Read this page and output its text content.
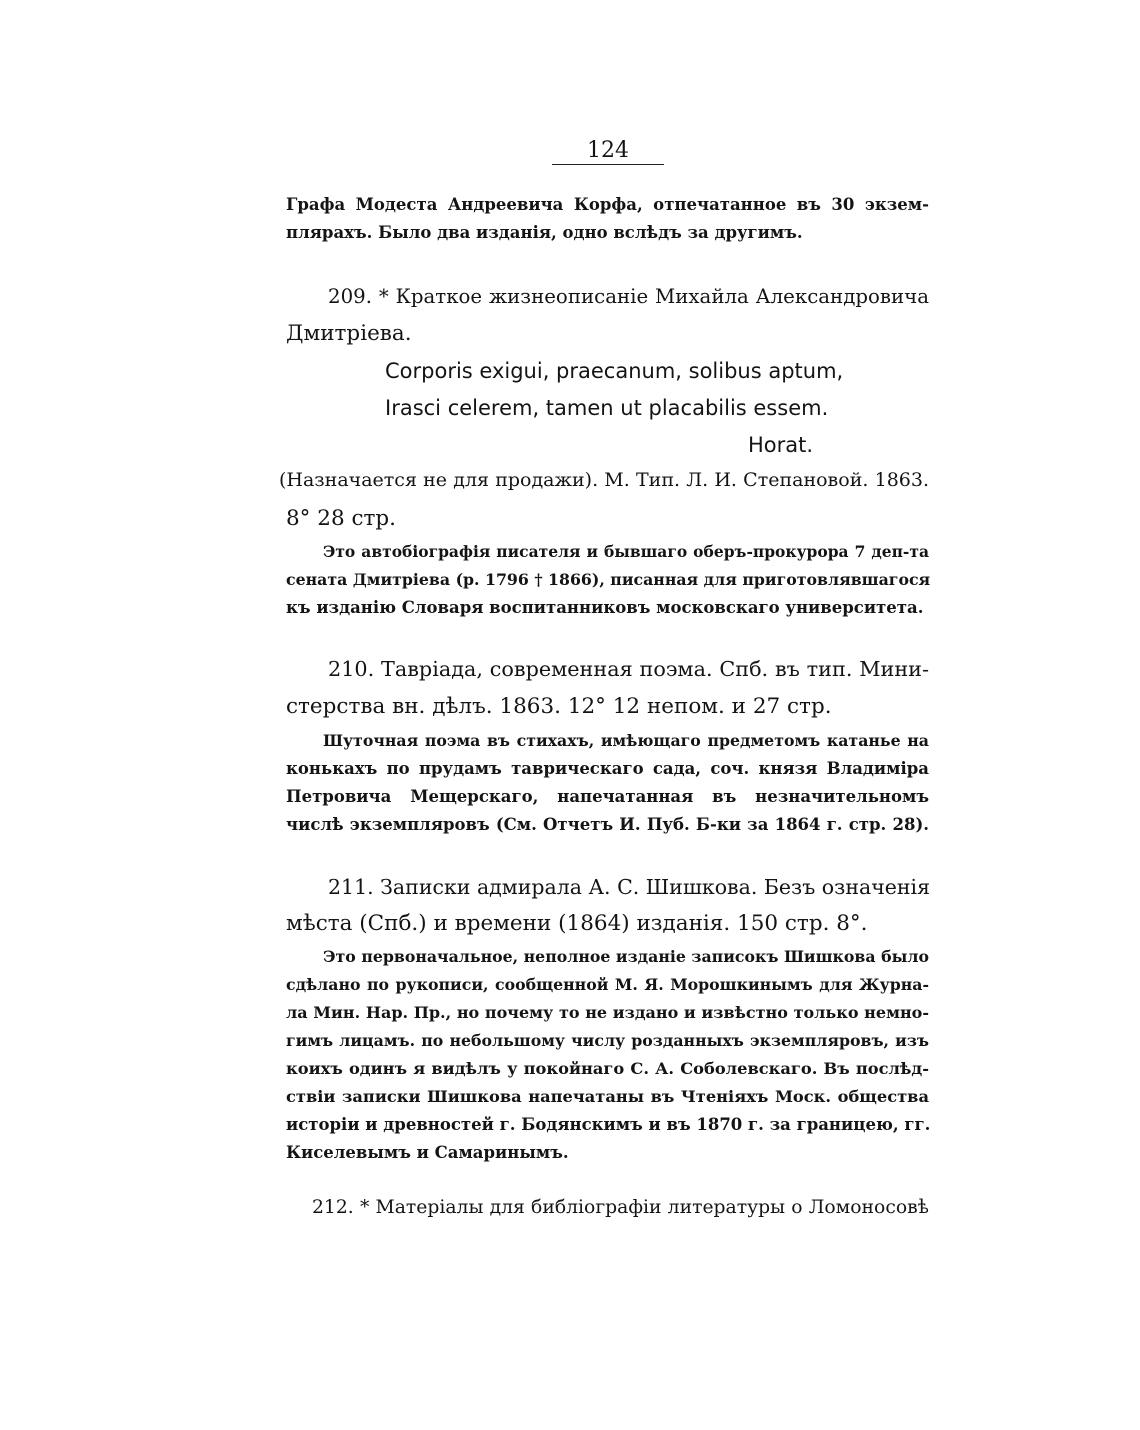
124
Графа Модеста Андреевича Корфа, отпечатанное въ 30 экзем-
плярахъ. Было два изданія, одно вслѣдъ за другимъ.
209. * Краткое жизнеописаніе Михайла Александровича
Дмитріева.
Corporis exigui, praecanum, solibus aptum,
Irasci celerem, tamen ut placabilis essem.
Horat.
(Назначается не для продажи). М. Тип. Л. И. Степановой. 1863.
8° 28 стр.
Это автобіографія писателя и бывшаго оберъ-прокурора 7 деп-та
сената Дмитріева (р. 1796 † 1866), писанная для приготовлявшагося
къ изданію Словаря воспитанниковъ московскаго университета.
210. Тавріада, современная поэма. Спб. въ тип. Мини-
стерства вн. дѣлъ. 1863. 12° 12 непом. и 27 стр.
Шуточная поэма въ стихахъ, имѣющаго предметомъ катанье на
конькахъ по прудамъ таврическаго сада, соч. князя Владиміра
Петровича Мещерскаго, напечатанная въ незначительномъ
числѣ экземпляровъ (См. Отчетъ И. Пуб. Б-ки за 1864 г. стр. 28).
211. Записки адмирала А. С. Шишкова. Безъ означенія
мѣста (Спб.) и времени (1864) изданія. 150 стр. 8°.
Это первоначальное, неполное изданіе записокъ Шишкова было
сдѣлано по рукописи, сообщенной М. Я. Морошкинымъ для Журна-
ла Мин. Нар. Пр., но почему то не издано и извѣстно только немно-
гимъ лицамъ. по небольшому числу розданныхъ экземпляровъ, изъ
коихъ одинъ я видѣлъ у покойнаго С. А. Соболевскаго. Въ послѣд-
ствіи записки Шишкова напечатаны въ Чтеніяхъ Моск. общества
исторіи и древностей г. Бодянскимъ и въ 1870 г. за границею, гг.
Киселевымъ и Самаринымъ.
212. * Матеріалы для библіографіи литературы о Ломоносовѣ
